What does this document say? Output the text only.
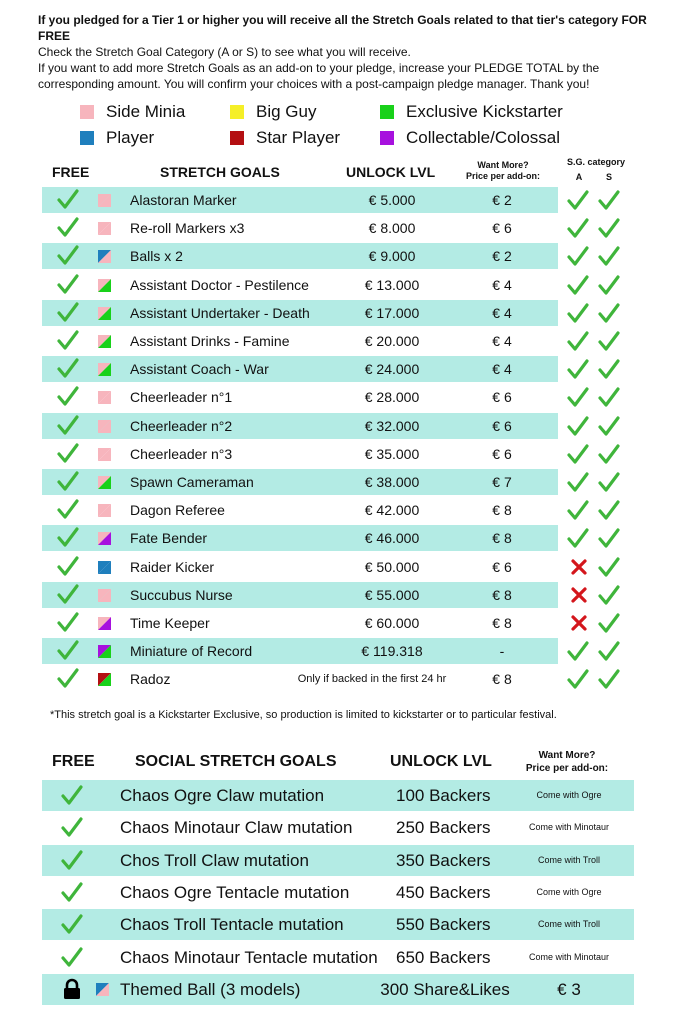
If you pledged for a Tier 1 or higher you will receive all the Stretch Goals related to that tier's category FOR FREE
Check the Stretch Goal Category (A or S) to see what you will receive.
If you want to add more Stretch Goals as an add-on to your pledge, increase your PLEDGE TOTAL by the corresponding amount. You will confirm your choices with a post-campaign pledge manager. Thank you!
Side Minia	Big Guy	Exclusive Kickstarter
Player	Star Player	Collectable/Colossal
FREE	STRETCH GOALS	UNLOCK LVL	Want More?
Price per add-on:
S.G. category
A	S
Alastoran Marker	€ 5.000	€ 2
Re-roll Markers x3	€ 8.000	€ 6
Balls x 2	€ 9.000	€ 2
Assistant Doctor - Pestilence	€ 13.000	€ 4
Assistant Undertaker - Death	€ 17.000	€ 4
Assistant Drinks - Famine	€ 20.000	€ 4
Assistant Coach - War	€ 24.000	€ 4
Cheerleader n°1	€ 28.000	€ 6
Cheerleader n°2	€ 32.000	€ 6
Cheerleader n°3	€ 35.000	€ 6
Spawn Cameraman	€ 38.000	€ 7
Dagon Referee	€ 42.000	€ 8
Fate Bender	€ 46.000	€ 8
Raider Kicker	€ 50.000	€ 6
Succubus Nurse	€ 55.000	€ 8
Time Keeper	€ 60.000	€ 8
Miniature of Record	€ 119.318	-
Radoz	Only if backed in the first 24 hr	€ 8
*This stretch goal is a Kickstarter Exclusive, so production is limited to kickstarter or to particular festival.
FREE	SOCIAL STRETCH GOALS	UNLOCK LVL	Want More?
Price per add-on:
Chaos Ogre Claw mutation	100 Backers	Come with Ogre
Chaos Minotaur Claw mutation	250 Backers	Come with Minotaur
Chos Troll Claw mutation	350 Backers	Come with Troll
Chaos Ogre Tentacle mutation	450 Backers	Come with Ogre
Chaos Troll Tentacle mutation	550 Backers	Come with Troll
Chaos Minotaur Tentacle mutation 650 Backers	Come with Minotaur
Themed Ball (3 models)	300 Share&Likes	€ 3
